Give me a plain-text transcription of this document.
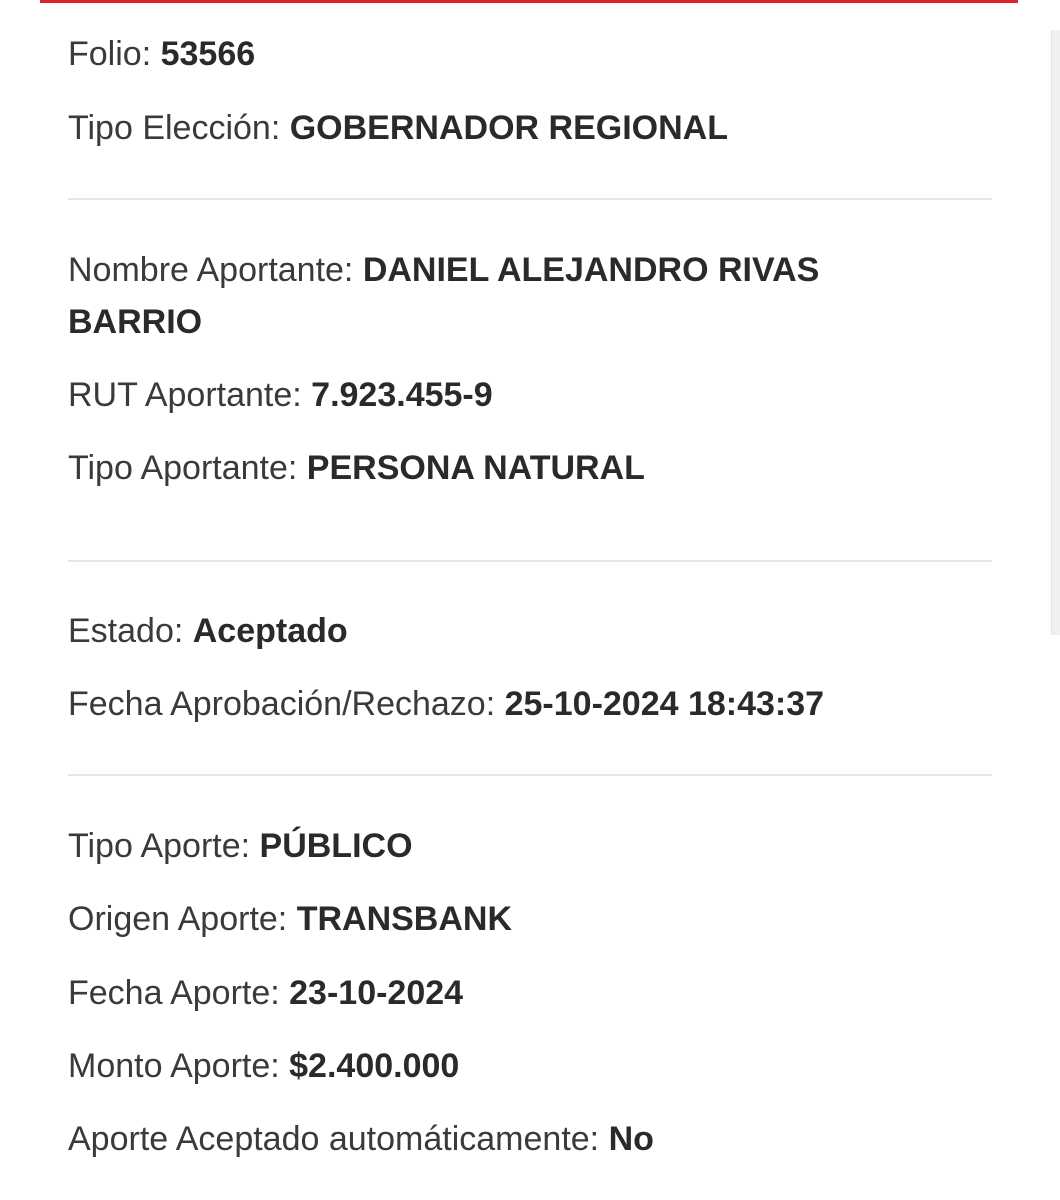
Folio: 53566
Tipo Elección: GOBERNADOR REGIONAL
Nombre Aportante: DANIEL ALEJANDRO RIVAS BARRIO
RUT Aportante: 7.923.455-9
Tipo Aportante: PERSONA NATURAL
Estado: Aceptado
Fecha Aprobación/Rechazo: 25-10-2024 18:43:37
Tipo Aporte: PÚBLICO
Origen Aporte: TRANSBANK
Fecha Aporte: 23-10-2024
Monto Aporte: $2.400.000
Aporte Aceptado automáticamente: No
